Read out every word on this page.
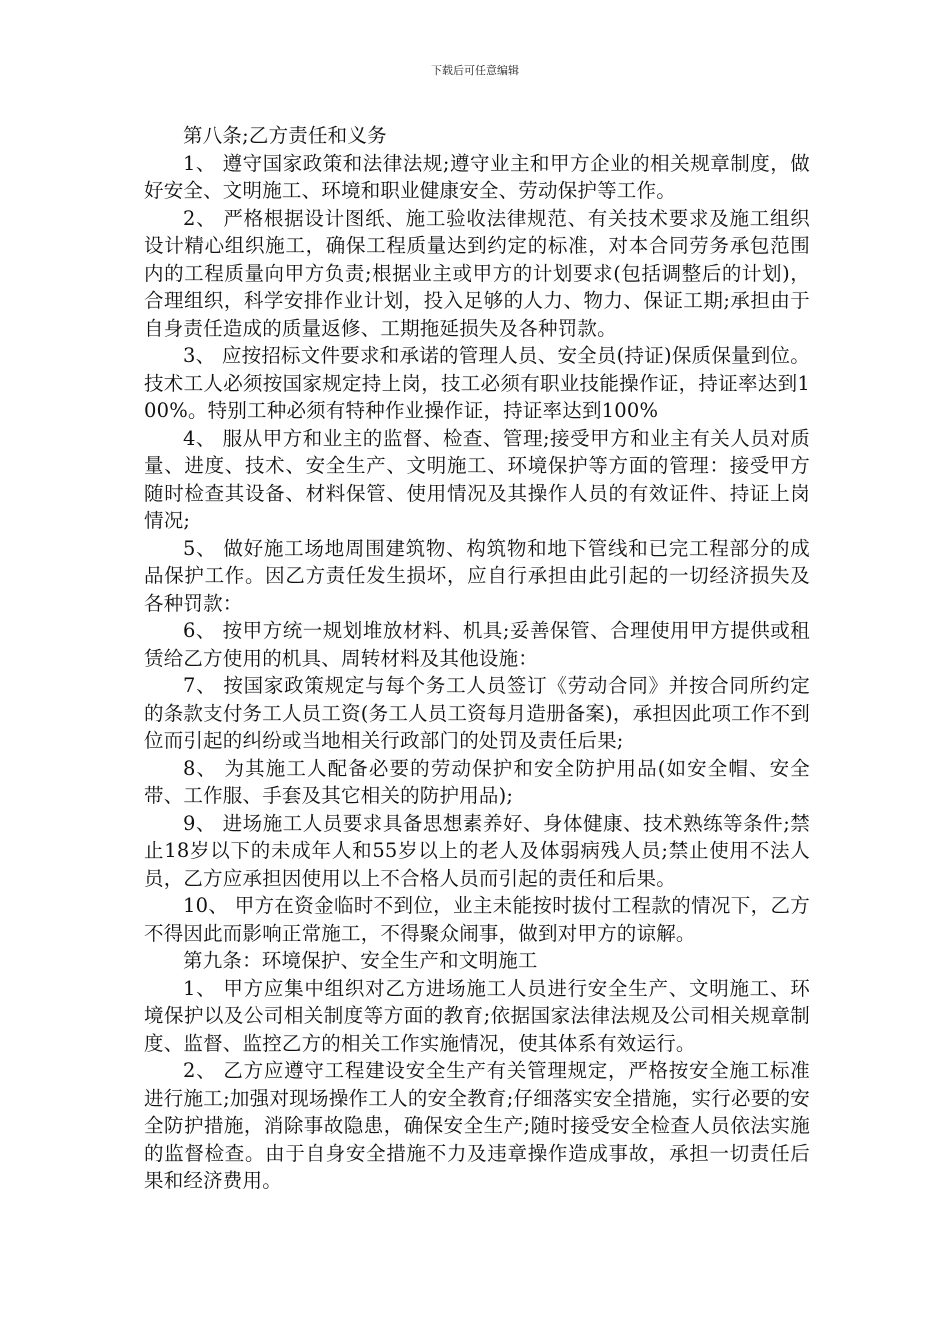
下载后可任意编辑

第八条;乙方责任和义务

1、 遵守国家政策和法律法规;遵守业主和甲方企业的相关规章制度，做好安全、文明施工、环境和职业健康安全、劳动保护等工作。

2、 严格根据设计图纸、施工验收法律规范、有关技术要求及施工组织设计精心组织施工，确保工程质量达到约定的标准，对本合同劳务承包范围内的工程质量向甲方负责;根据业主或甲方的计划要求(包括调整后的计划)，合理组织，科学安排作业计划，投入足够的人力、物力、保证工期;承担由于自身责任造成的质量返修、工期拖延损失及各种罚款。

3、 应按招标文件要求和承诺的管理人员、安全员(持证)保质保量到位。技术工人必须按国家规定持上岗，技工必须有职业技能操作证，持证率达到100%。特别工种必须有特种作业操作证，持证率达到100%

4、 服从甲方和业主的监督、检查、管理;接受甲方和业主有关人员对质量、进度、技术、安全生产、文明施工、环境保护等方面的管理：接受甲方随时检查其设备、材料保管、使用情况及其操作人员的有效证件、持证上岗情况;

5、 做好施工场地周围建筑物、构筑物和地下管线和已完工程部分的成品保护工作。因乙方责任发生损坏，应自行承担由此引起的一切经济损失及各种罚款：

6、 按甲方统一规划堆放材料、机具;妥善保管、合理使用甲方提供或租赁给乙方使用的机具、周转材料及其他设施：

7、 按国家政策规定与每个务工人员签订《劳动合同》并按合同所约定的条款支付务工人员工资(务工人员工资每月造册备案)，承担因此项工作不到位而引起的纠纷或当地相关行政部门的处罚及责任后果;

8、 为其施工人配备必要的劳动保护和安全防护用品(如安全帽、安全带、工作服、手套及其它相关的防护用品);

9、 进场施工人员要求具备思想素养好、身体健康、技术熟练等条件;禁止18岁以下的未成年人和55岁以上的老人及体弱病残人员;禁止使用不法人员，乙方应承担因使用以上不合格人员而引起的责任和后果。

10、 甲方在资金临时不到位，业主未能按时拔付工程款的情况下，乙方不得因此而影响正常施工，不得聚众闹事，做到对甲方的谅解。

第九条：环境保护、安全生产和文明施工

1、 甲方应集中组织对乙方进场施工人员进行安全生产、文明施工、环境保护以及公司相关制度等方面的教育;依据国家法律法规及公司相关规章制度、监督、监控乙方的相关工作实施情况，使其体系有效运行。

2、 乙方应遵守工程建设安全生产有关管理规定，严格按安全施工标准进行施工;加强对现场操作工人的安全教育;仔细落实安全措施，实行必要的安全防护措施，消除事故隐患，确保安全生产;随时接受安全检查人员依法实施的监督检查。由于自身安全措施不力及违章操作造成事故，承担一切责任后果和经济费用。
